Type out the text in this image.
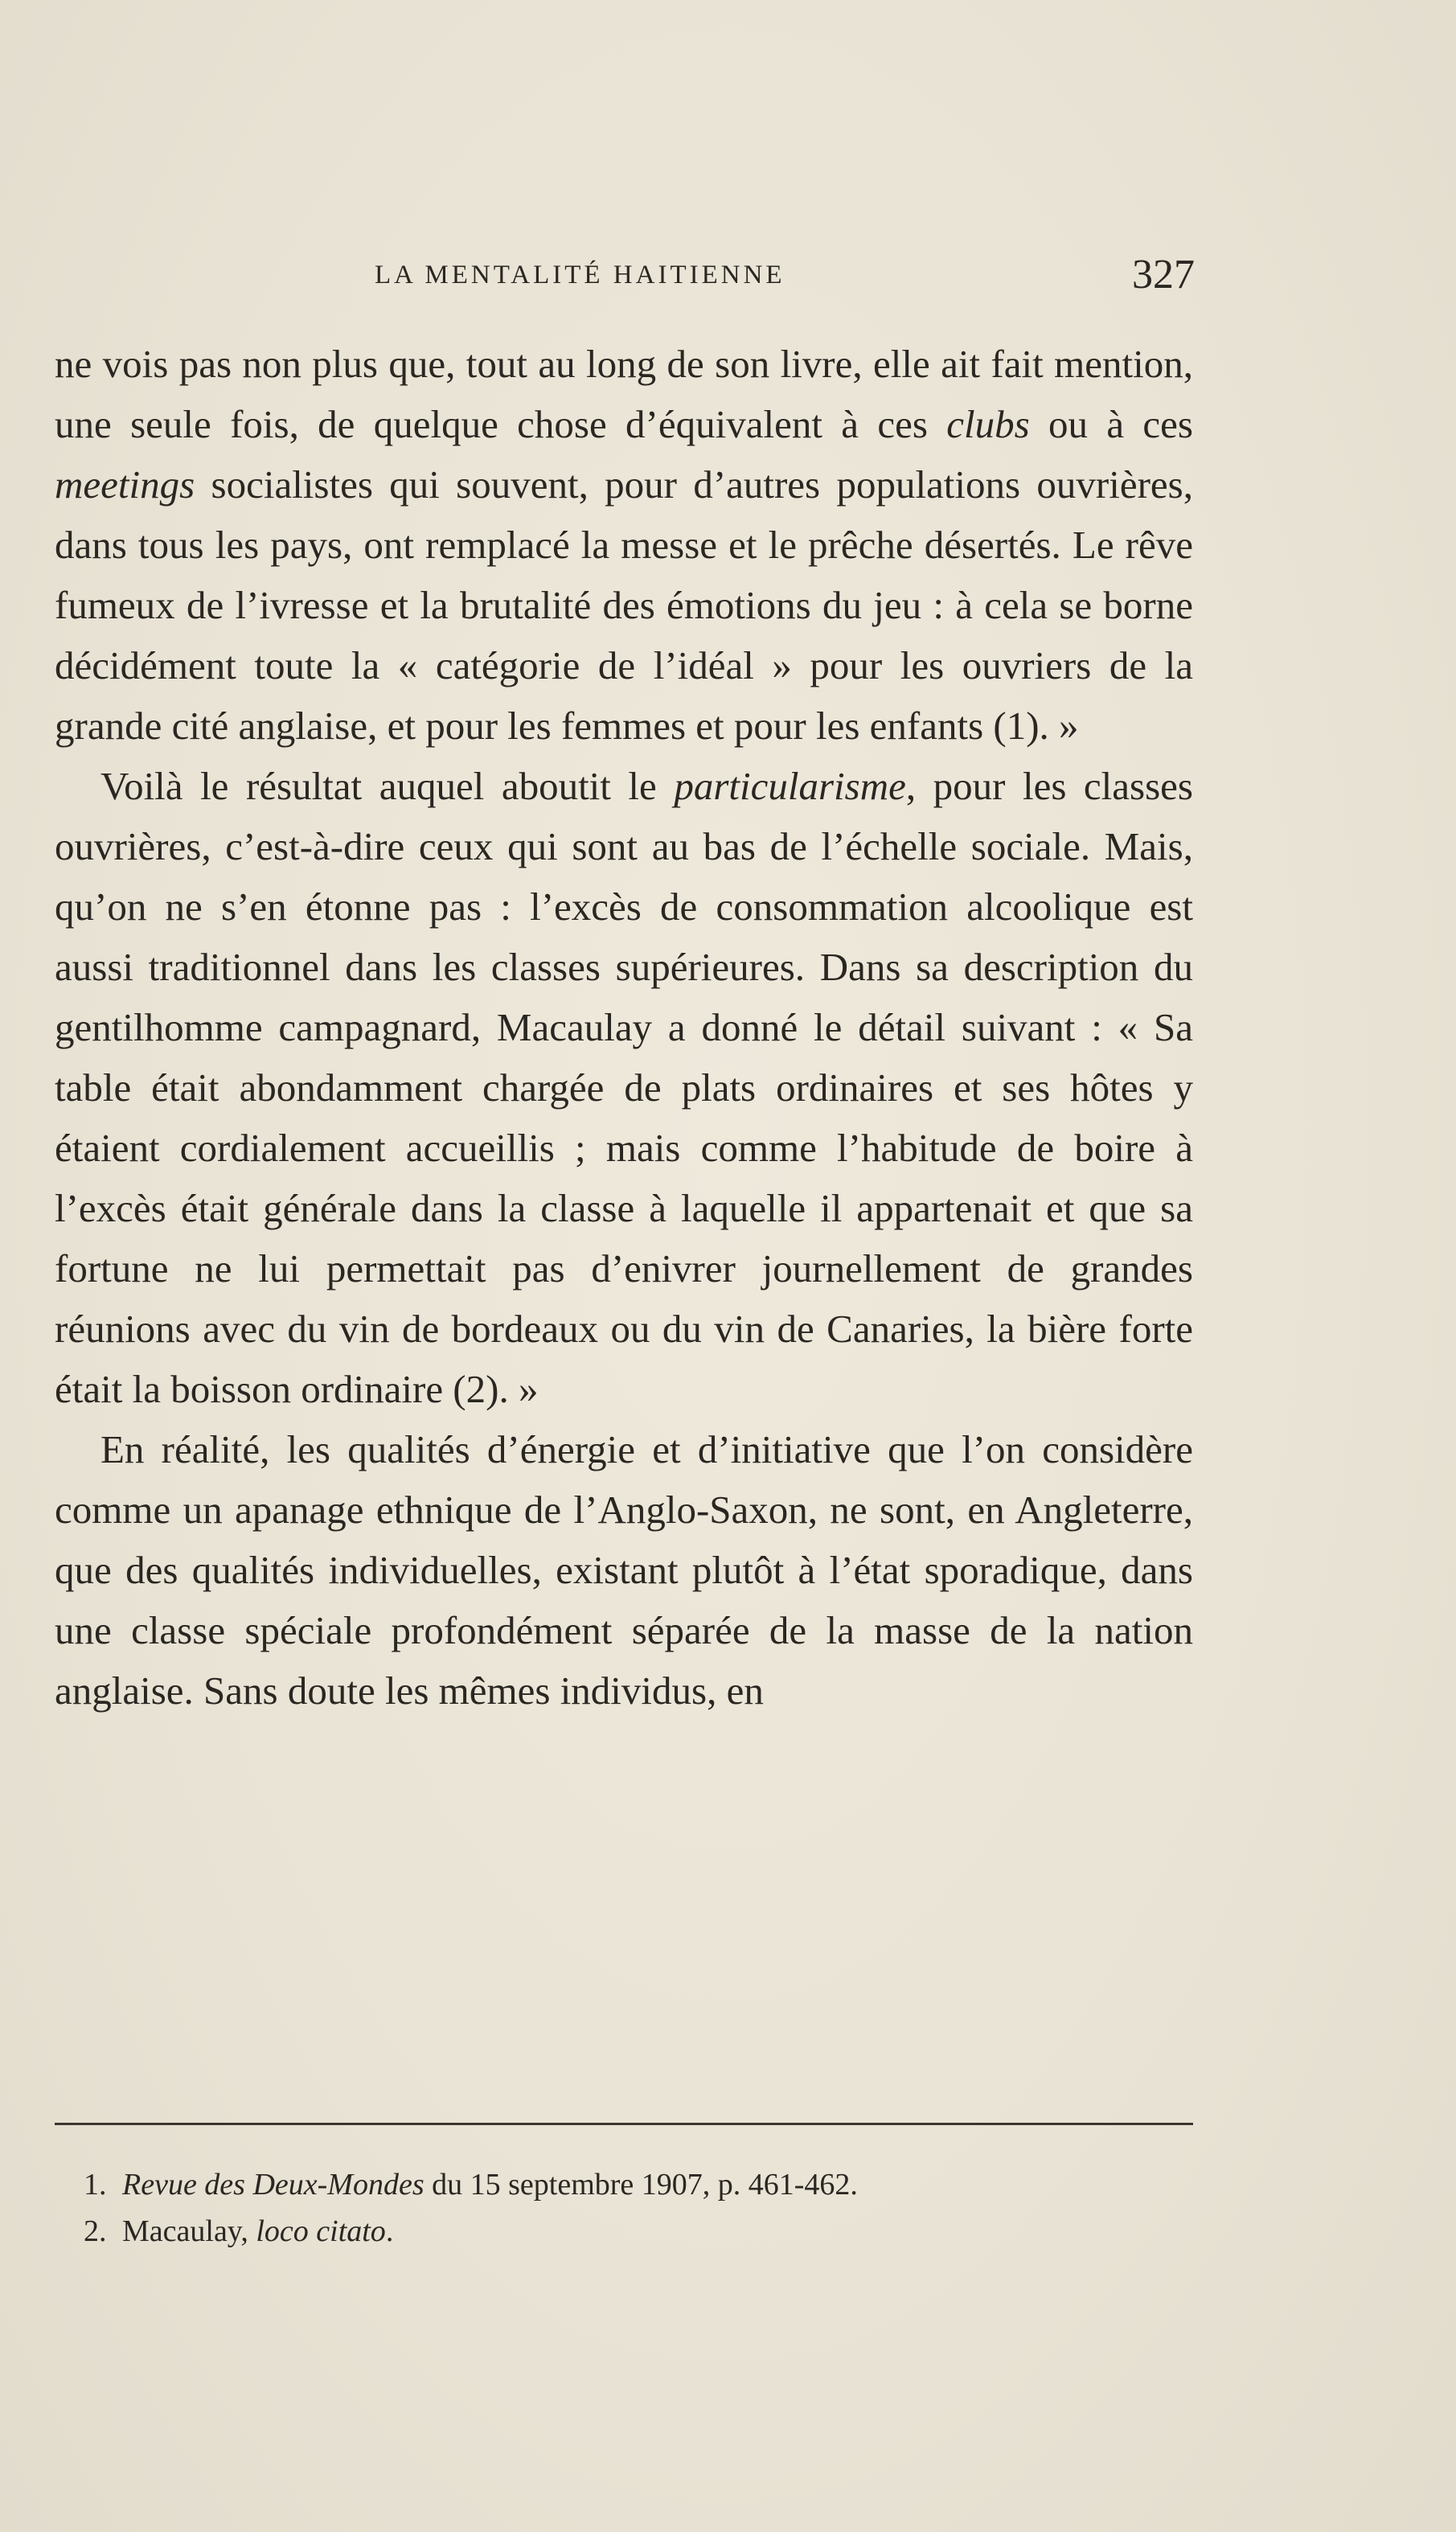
LA MENTALITÉ HAITIENNE	327

ne vois pas non plus que, tout au long de son livre, elle ait fait mention, une seule fois, de quelque chose d’équivalent à ces clubs ou à ces meetings socialistes qui souvent, pour d’autres populations ouvrières, dans tous les pays, ont remplacé la messe et le prêche désertés. Le rêve fumeux de l’ivresse et la brutalité des émotions du jeu : à cela se borne décidément toute la « catégorie de l’idéal » pour les ouvriers de la grande cité anglaise, et pour les femmes et pour les enfants (1). »

Voilà le résultat auquel aboutit le particularisme, pour les classes ouvrières, c’est-à-dire ceux qui sont au bas de l’échelle sociale. Mais, qu’on ne s’en étonne pas : l’excès de consommation alcoolique est aussi traditionnel dans les classes supérieures. Dans sa description du gentilhomme campagnard, Macaulay a donné le détail suivant : « Sa table était abondamment chargée de plats ordinaires et ses hôtes y étaient cordialement accueillis ; mais comme l’habitude de boire à l’excès était générale dans la classe à laquelle il appartenait et que sa fortune ne lui permettait pas d’enivrer journellement de grandes réunions avec du vin de bordeaux ou du vin de Canaries, la bière forte était la boisson ordinaire (2). »

En réalité, les qualités d’énergie et d’initiative que l’on considère comme un apanage ethnique de l’Anglo-Saxon, ne sont, en Angleterre, que des qualités individuelles, existant plutôt à l’état sporadique, dans une classe spéciale profondément séparée de la masse de la nation anglaise. Sans doute les mêmes individus, en

1. Revue des Deux-Mondes du 15 septembre 1907, p. 461-462.
2. Macaulay, loco citato.
